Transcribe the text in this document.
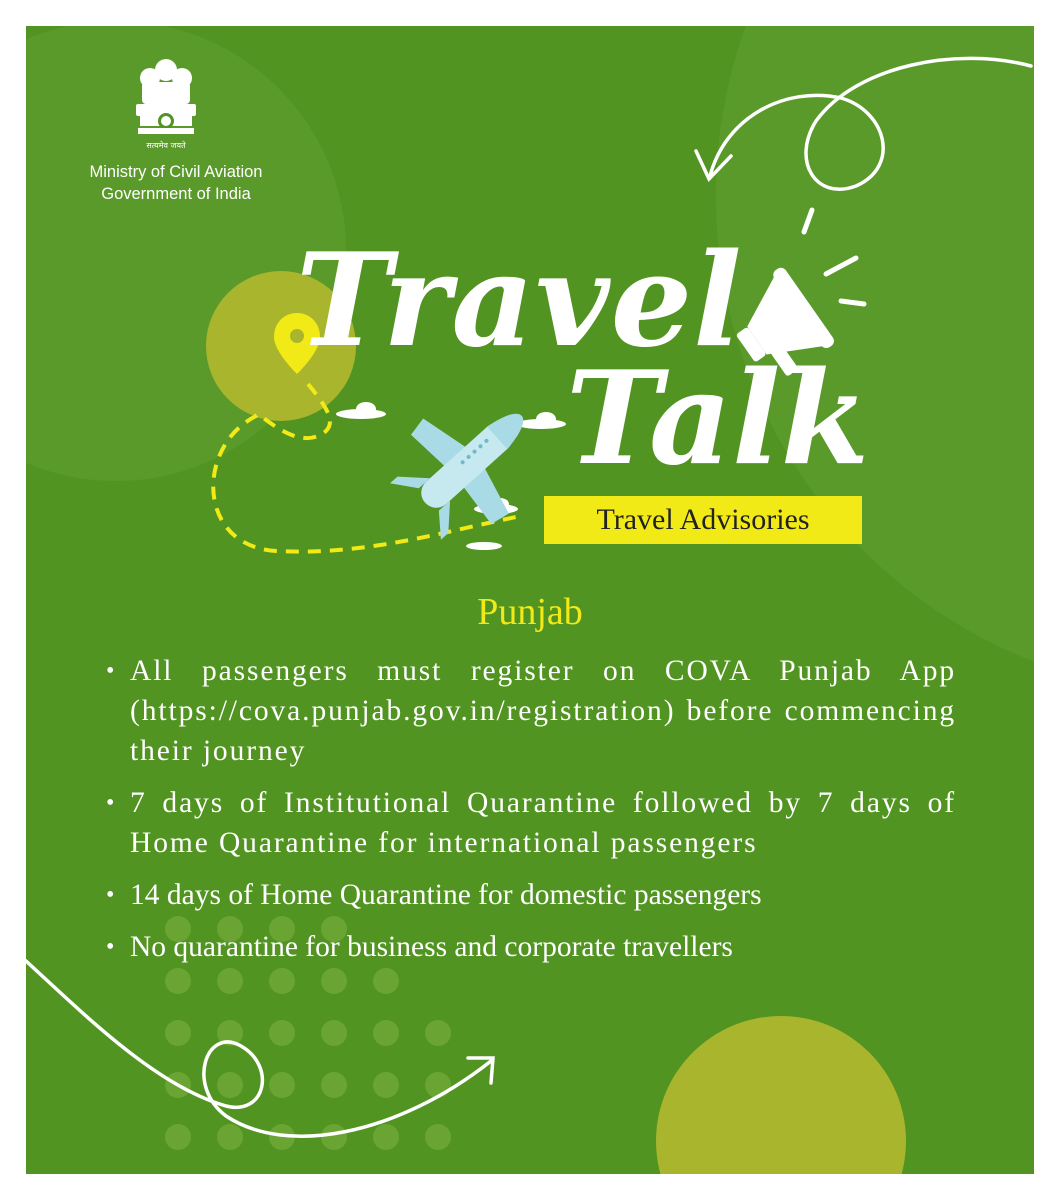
सत्यमेव जयते
Ministry of Civil Aviation
Government of India
Travel
Talk
Travel Advisories
Punjab
• All passengers must register on COVA Punjab App (https://cova.punjab.gov.in/registration) before commencing their journey
• 7 days of Institutional Quarantine followed by 7 days of Home Quarantine for international passengers
• 14 days of Home Quarantine for domestic passengers
• No quarantine for business and corporate travellers
